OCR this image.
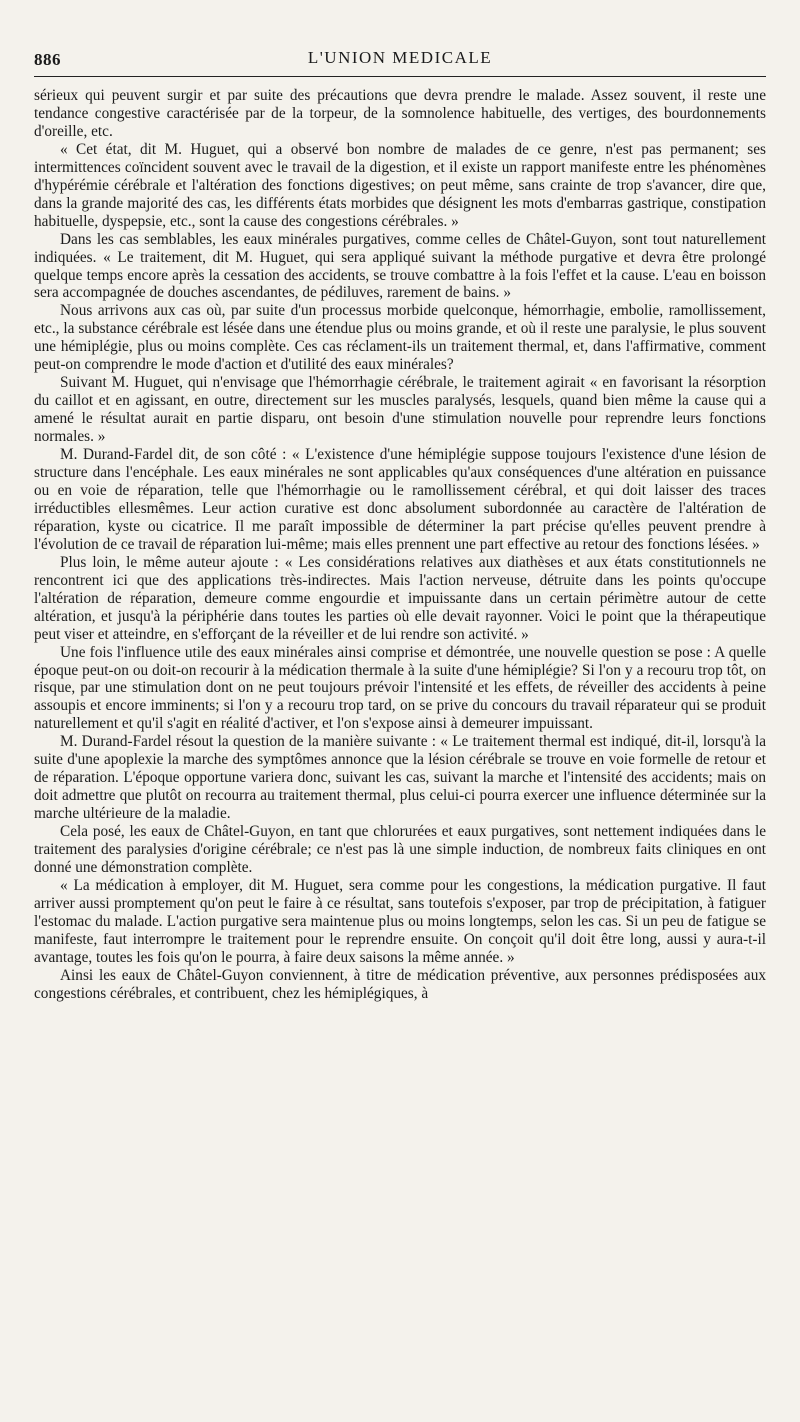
886	L'UNION MEDICALE

sérieux qui peuvent surgir et par suite des précautions que devra prendre le malade. Assez souvent, il reste une tendance congestive caractérisée par de la torpeur, de la somnolence habituelle, des vertiges, des bourdonnements d'oreille, etc.

« Cet état, dit M. Huguet, qui a observé bon nombre de malades de ce genre, n'est pas permanent; ses intermittences coïncident souvent avec le travail de la digestion, et il existe un rapport manifeste entre les phénomènes d'hypérémie cérébrale et l'altération des fonctions digestives; on peut même, sans crainte de trop s'avancer, dire que, dans la grande majorité des cas, les différents états morbides que désignent les mots d'embarras gastrique, constipation habituelle, dyspepsie, etc., sont la cause des congestions cérébrales. »

Dans les cas semblables, les eaux minérales purgatives, comme celles de Châtel-Guyon, sont tout naturellement indiquées. « Le traitement, dit M. Huguet, qui sera appliqué suivant la méthode purgative et devra être prolongé quelque temps encore après la cessation des accidents, se trouve combattre à la fois l'effet et la cause. L'eau en boisson sera accompagnée de douches ascendantes, de pédiluves, rarement de bains. »

Nous arrivons aux cas où, par suite d'un processus morbide quelconque, hémorrhagie, embolie, ramollissement, etc., la substance cérébrale est lésée dans une étendue plus ou moins grande, et où il reste une paralysie, le plus souvent une hémiplégie, plus ou moins complète. Ces cas réclament-ils un traitement thermal, et, dans l'affirmative, comment peut-on comprendre le mode d'action et d'utilité des eaux minérales?

Suivant M. Huguet, qui n'envisage que l'hémorrhagie cérébrale, le traitement agirait « en favorisant la résorption du caillot et en agissant, en outre, directement sur les muscles paralysés, lesquels, quand bien même la cause qui a amené le résultat aurait en partie disparu, ont besoin d'une stimulation nouvelle pour reprendre leurs fonctions normales. »

M. Durand-Fardel dit, de son côté : « L'existence d'une hémiplégie suppose toujours l'existence d'une lésion de structure dans l'encéphale. Les eaux minérales ne sont applicables qu'aux conséquences d'une altération en puissance ou en voie de réparation, telle que l'hémorrhagie ou le ramollissement cérébral, et qui doit laisser des traces irréductibles ellesmêmes. Leur action curative est donc absolument subordonnée au caractère de l'altération de réparation, kyste ou cicatrice. Il me paraît impossible de déterminer la part précise qu'elles peuvent prendre à l'évolution de ce travail de réparation lui-même; mais elles prennent une part effective au retour des fonctions lésées. »

Plus loin, le même auteur ajoute : « Les considérations relatives aux diathèses et aux états constitutionnels ne rencontrent ici que des applications très-indirectes. Mais l'action nerveuse, détruite dans les points qu'occupe l'altération de réparation, demeure comme engourdie et impuissante dans un certain périmètre autour de cette altération, et jusqu'à la périphérie dans toutes les parties où elle devait rayonner. Voici le point que la thérapeutique peut viser et atteindre, en s'efforçant de la réveiller et de lui rendre son activité. »

Une fois l'influence utile des eaux minérales ainsi comprise et démontrée, une nouvelle question se pose : A quelle époque peut-on ou doit-on recourir à la médication thermale à la suite d'une hémiplégie? Si l'on y a recouru trop tôt, on risque, par une stimulation dont on ne peut toujours prévoir l'intensité et les effets, de réveiller des accidents à peine assoupis et encore imminents; si l'on y a recouru trop tard, on se prive du concours du travail réparateur qui se produit naturellement et qu'il s'agit en réalité d'activer, et l'on s'expose ainsi à demeurer impuissant.

M. Durand-Fardel résout la question de la manière suivante : « Le traitement thermal est indiqué, dit-il, lorsqu'à la suite d'une apoplexie la marche des symptômes annonce que la lésion cérébrale se trouve en voie formelle de retour et de réparation. L'époque opportune variera donc, suivant les cas, suivant la marche et l'intensité des accidents; mais on doit admettre que plutôt on recourra au traitement thermal, plus celui-ci pourra exercer une influence déterminée sur la marche ultérieure de la maladie.

Cela posé, les eaux de Châtel-Guyon, en tant que chlorurées et eaux purgatives, sont nettement indiquées dans le traitement des paralysies d'origine cérébrale; ce n'est pas là une simple induction, de nombreux faits cliniques en ont donné une démonstration complète.

« La médication à employer, dit M. Huguet, sera comme pour les congestions, la médication purgative. Il faut arriver aussi promptement qu'on peut le faire à ce résultat, sans toutefois s'exposer, par trop de précipitation, à fatiguer l'estomac du malade. L'action purgative sera maintenue plus ou moins longtemps, selon les cas. Si un peu de fatigue se manifeste, faut interrompre le traitement pour le reprendre ensuite. On conçoit qu'il doit être long, aussi y aura-t-il avantage, toutes les fois qu'on le pourra, à faire deux saisons la même année. »

Ainsi les eaux de Châtel-Guyon conviennent, à titre de médication préventive, aux personnes prédisposées aux congestions cérébrales, et contribuent, chez les hémiplégiques, à
